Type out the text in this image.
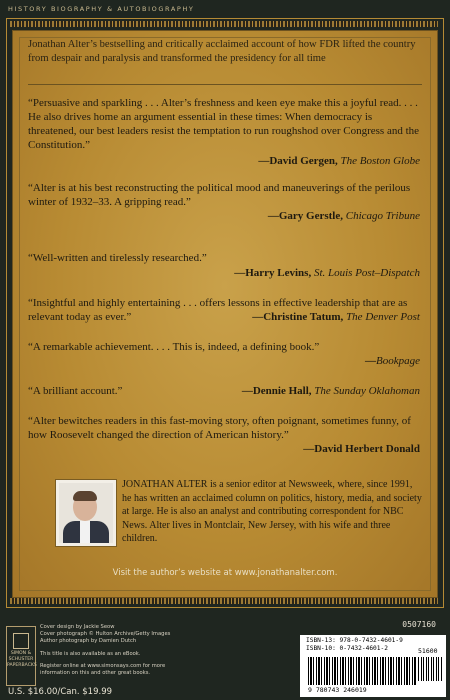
HISTORY BIOGRAPHY & AUTOBIOGRAPHY
Jonathan Alter’s bestselling and critically acclaimed account of how FDR lifted the country from despair and paralysis and transformed the presidency for all time
“Persuasive and sparkling . . . Alter’s freshness and keen eye make this a joyful read. . . . He also drives home an argument essential in these times: When democracy is threatened, our best leaders resist the temptation to run roughshod over Congress and the Constitution.”
—David Gergen, The Boston Globe
“Alter is at his best reconstructing the political mood and maneuverings of the perilous winter of 1932–33. A gripping read.”
—Gary Gerstle, Chicago Tribune
“Well-written and tirelessly researched.”
—Harry Levins, St. Louis Post–Dispatch
“Insightful and highly entertaining . . . offers lessons in effective leadership that are as relevant today as ever.”	—Christine Tatum, The Denver Post
“A remarkable achievement. . . . This is, indeed, a defining book.”
—Bookpage
“A brilliant account.”	—Dennie Hall, The Sunday Oklahoman
“Alter bewitches readers in this fast-moving story, often poignant, sometimes funny, of how Roosevelt changed the direction of American history.”
—David Herbert Donald
JONATHAN ALTER is a senior editor at Newsweek, where, since 1991, he has written an acclaimed column on politics, history, media, and society at large. He is also an analyst and contributing correspondent for NBC News. Alter lives in Montclair, New Jersey, with his wife and three children.
Visit the author’s website at www.jonathanalter.com.
0507160
SIMON &
SCHUSTER
PAPERBACKS
Cover design by Jackie Seow
Cover photograph © Hulton Archive/Getty Images
Author photograph by Damien Dutch
This title is also available as an eBook.
Register online at www.simonsays.com for more information on this and other great books.
U.S. $16.00/Can. $19.99
ISBN-13: 978-0-7432-4601-9
ISBN-10: 0-7432-4601-2	51600
9 780743 246019
